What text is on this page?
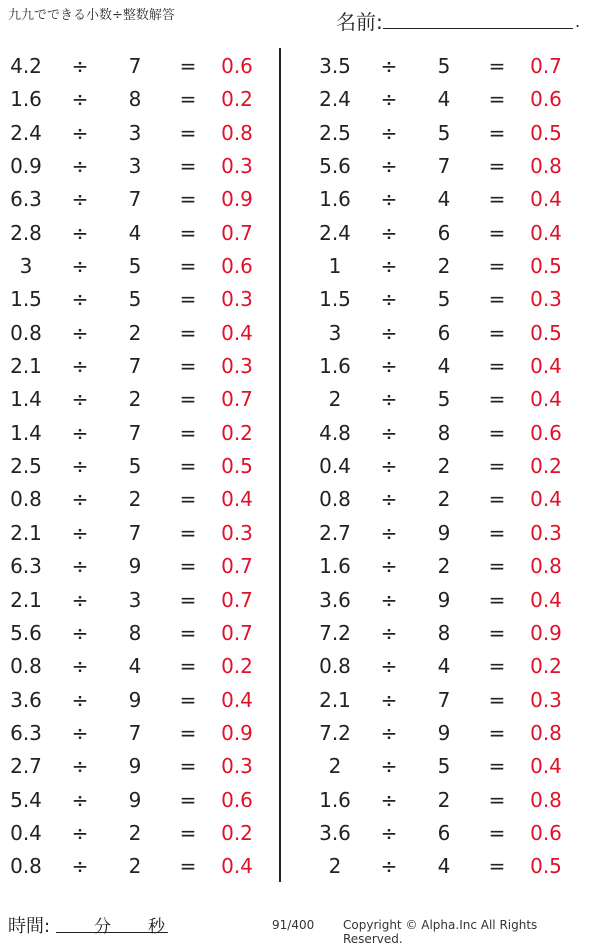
九九でできる小数÷整数解答	名前:	.
4.2	÷	7	=	0.6
1.6	÷	8	=	0.2
2.4	÷	3	=	0.8
0.9	÷	3	=	0.3
6.3	÷	7	=	0.9
2.8	÷	4	=	0.7
3	÷	5	=	0.6
1.5	÷	5	=	0.3
0.8	÷	2	=	0.4
2.1	÷	7	=	0.3
1.4	÷	2	=	0.7
1.4	÷	7	=	0.2
2.5	÷	5	=	0.5
0.8	÷	2	=	0.4
2.1	÷	7	=	0.3
6.3	÷	9	=	0.7
2.1	÷	3	=	0.7
5.6	÷	8	=	0.7
0.8	÷	4	=	0.2
3.6	÷	9	=	0.4
6.3	÷	7	=	0.9
2.7	÷	9	=	0.3
5.4	÷	9	=	0.6
0.4	÷	2	=	0.2
0.8	÷	2	=	0.4
3.5	÷	5	=	0.7
2.4	÷	4	=	0.6
2.5	÷	5	=	0.5
5.6	÷	7	=	0.8
1.6	÷	4	=	0.4
2.4	÷	6	=	0.4
1	÷	2	=	0.5
1.5	÷	5	=	0.3
3	÷	6	=	0.5
1.6	÷	4	=	0.4
2	÷	5	=	0.4
4.8	÷	8	=	0.6
0.4	÷	2	=	0.2
0.8	÷	2	=	0.4
2.7	÷	9	=	0.3
1.6	÷	2	=	0.8
3.6	÷	9	=	0.4
7.2	÷	8	=	0.9
0.8	÷	4	=	0.2
2.1	÷	7	=	0.3
7.2	÷	9	=	0.8
2	÷	5	=	0.4
1.6	÷	2	=	0.8
3.6	÷	6	=	0.6
2	÷	4	=	0.5
時間:	分 秒	91/400 Copyright © Alpha.Inc All Rights Reserved.
